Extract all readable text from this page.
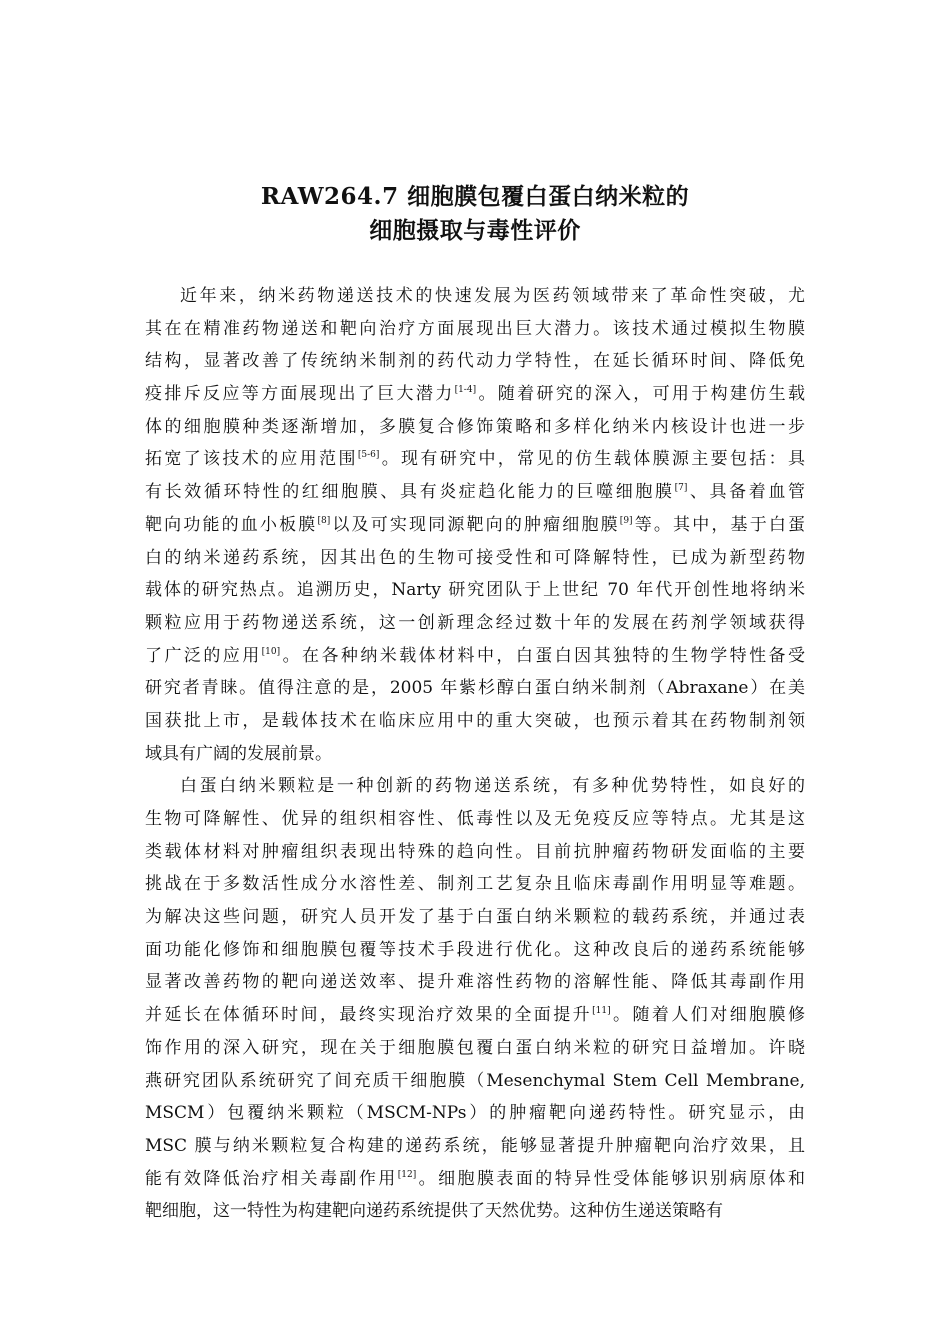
RAW264.7 细胞膜包覆白蛋白纳米粒的
细胞摄取与毒性评价
近年来，纳米药物递送技术的快速发展为医药领域带来了革命性突破，尤
其在在精准药物递送和靶向治疗方面展现出巨大潜力。该技术通过模拟生物膜
结构，显著改善了传统纳米制剂的药代动力学特性，在延长循环时间、降低免
疫排斥反应等方面展现出了巨大潜力[1-4]。随着研究的深入，可用于构建仿生载
体的细胞膜种类逐渐增加，多膜复合修饰策略和多样化纳米内核设计也进一步
拓宽了该技术的应用范围[5-6]。现有研究中，常见的仿生载体膜源主要包括：具
有长效循环特性的红细胞膜、具有炎症趋化能力的巨噬细胞膜[7]、具备着血管
靶向功能的血小板膜[8]以及可实现同源靶向的肿瘤细胞膜[9]等。其中，基于白蛋
白的纳米递药系统，因其出色的生物可接受性和可降解特性，已成为新型药物
载体的研究热点。追溯历史，Narty 研究团队于上世纪 70 年代开创性地将纳米
颗粒应用于药物递送系统，这一创新理念经过数十年的发展在药剂学领域获得
了广泛的应用[10]。在各种纳米载体材料中，白蛋白因其独特的生物学特性备受
研究者青睐。值得注意的是，2005 年紫杉醇白蛋白纳米制剂（Abraxane）在美
国获批上市，是载体技术在临床应用中的重大突破，也预示着其在药物制剂领
域具有广阔的发展前景。
白蛋白纳米颗粒是一种创新的药物递送系统，有多种优势特性，如良好的
生物可降解性、优异的组织相容性、低毒性以及无免疫反应等特点。尤其是这
类载体材料对肿瘤组织表现出特殊的趋向性。目前抗肿瘤药物研发面临的主要
挑战在于多数活性成分水溶性差、制剂工艺复杂且临床毒副作用明显等难题。
为解决这些问题，研究人员开发了基于白蛋白纳米颗粒的载药系统，并通过表
面功能化修饰和细胞膜包覆等技术手段进行优化。这种改良后的递药系统能够
显著改善药物的靶向递送效率、提升难溶性药物的溶解性能、降低其毒副作用
并延长在体循环时间，最终实现治疗效果的全面提升[11]。随着人们对细胞膜修
饰作用的深入研究，现在关于细胞膜包覆白蛋白纳米粒的研究日益增加。许晓
燕研究团队系统研究了间充质干细胞膜（Mesenchymal Stem Cell Membrane,
MSCM）包覆纳米颗粒（MSCM-NPs）的肿瘤靶向递药特性。研究显示，由
MSC 膜与纳米颗粒复合构建的递药系统，能够显著提升肿瘤靶向治疗效果，且
能有效降低治疗相关毒副作用[12]。细胞膜表面的特异性受体能够识别病原体和
靶细胞，这一特性为构建靶向递药系统提供了天然优势。这种仿生递送策略有
